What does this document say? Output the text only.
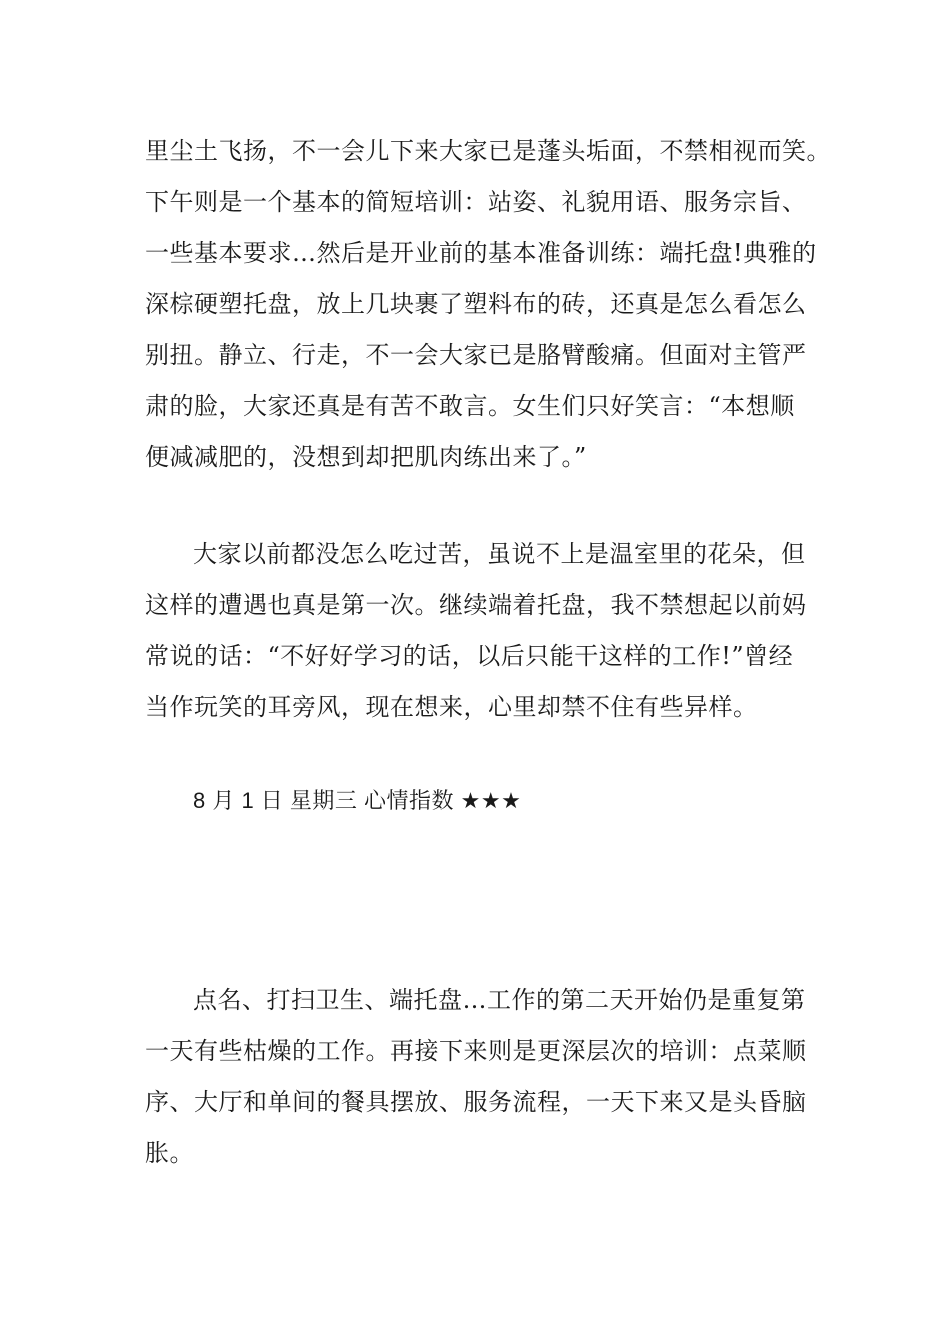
里尘土飞扬，不一会儿下来大家已是蓬头垢面，不禁相视而笑。
下午则是一个基本的简短培训：站姿、礼貌用语、服务宗旨、
一些基本要求…然后是开业前的基本准备训练：端托盘!典雅的
深棕硬塑托盘，放上几块裹了塑料布的砖，还真是怎么看怎么
别扭。静立、行走，不一会大家已是胳臂酸痛。但面对主管严
肃的脸，大家还真是有苦不敢言。女生们只好笑言：“本想顺
便减减肥的，没想到却把肌肉练出来了。”
大家以前都没怎么吃过苦，虽说不上是温室里的花朵，但
这样的遭遇也真是第一次。继续端着托盘，我不禁想起以前妈
常说的话：“不好好学习的话，以后只能干这样的工作!”曾经
当作玩笑的耳旁风，现在想来，心里却禁不住有些异样。
8 月 1 日 星期三 心情指数 ★★★
点名、打扫卫生、端托盘…工作的第二天开始仍是重复第
一天有些枯燥的工作。再接下来则是更深层次的培训：点菜顺
序、大厅和单间的餐具摆放、服务流程，一天下来又是头昏脑
胀。
